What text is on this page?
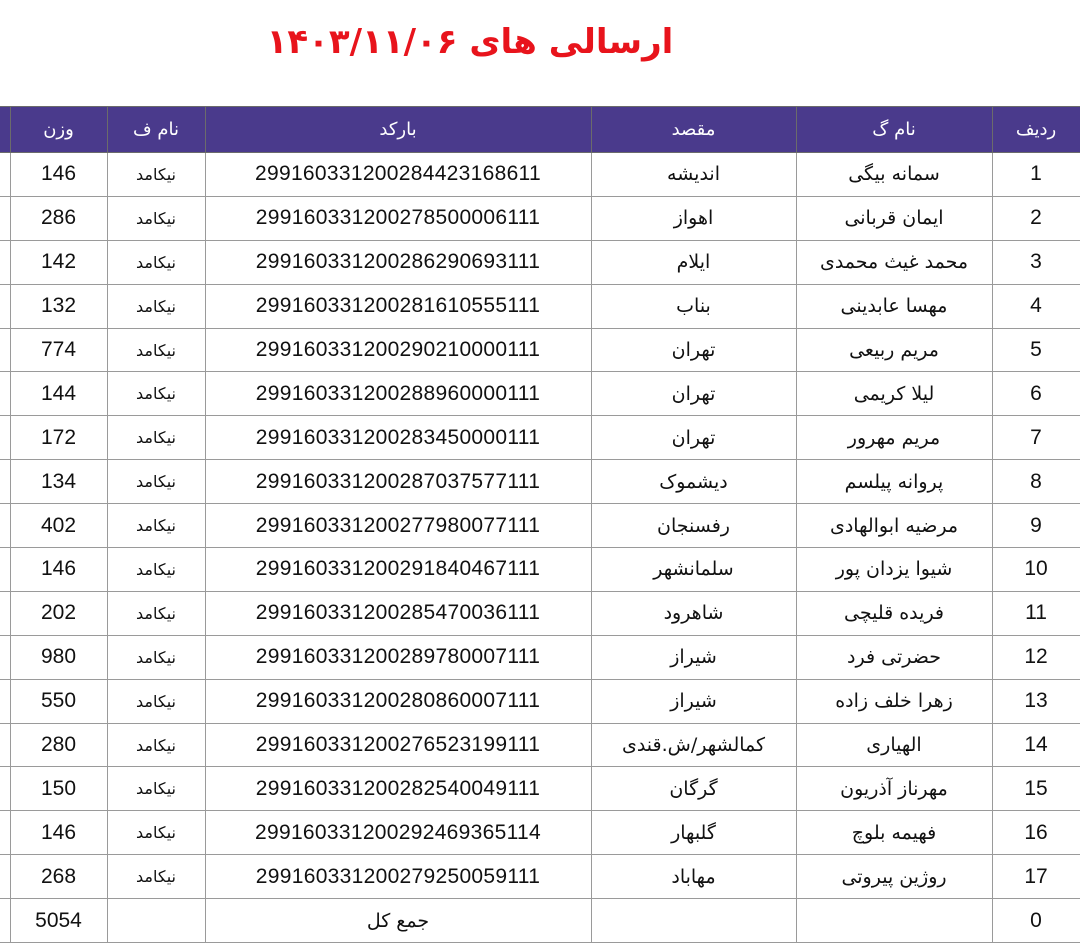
ارسالی های ۱۴۰۳/۱۱/۰۶
ردیف	نام گ	مقصد	بارکد	نام ف	وزن	
1	سمانه بیگی	اندیشه	299160331200284423168611	نیکامد	146	
2	ایمان قربانی	اهواز	299160331200278500006111	نیکامد	286	
3	محمد غیث محمدی	ایلام	299160331200286290693111	نیکامد	142	
4	مهسا عابدینی	بناب	299160331200281610555111	نیکامد	132	
5	مریم ربیعی	تهران	299160331200290210000111	نیکامد	774	
6	لیلا کریمی	تهران	299160331200288960000111	نیکامد	144	
7	مریم مهرور	تهران	299160331200283450000111	نیکامد	172	
8	پروانه پیلسم	دیشموک	299160331200287037577111	نیکامد	134	
9	مرضیه ابوالهادی	رفسنجان	299160331200277980077111	نیکامد	402	
10	شیوا یزدان پور	سلمانشهر	299160331200291840467111	نیکامد	146	
11	فریده قلیچی	شاهرود	299160331200285470036111	نیکامد	202	
12	حضرتی فرد	شیراز	299160331200289780007111	نیکامد	980	
13	زهرا خلف زاده	شیراز	299160331200280860007111	نیکامد	550	
14	الهیاری	کمالشهر/ش.قندی	299160331200276523199111	نیکامد	280	
15	مهرناز آذریون	گرگان	299160331200282540049111	نیکامد	150	
16	فهیمه بلوچ	گلبهار	299160331200292469365114	نیکامد	146	
17	روژین پیروتی	مهاباد	299160331200279250059111	نیکامد	268	
0			جمع کل		5054	
